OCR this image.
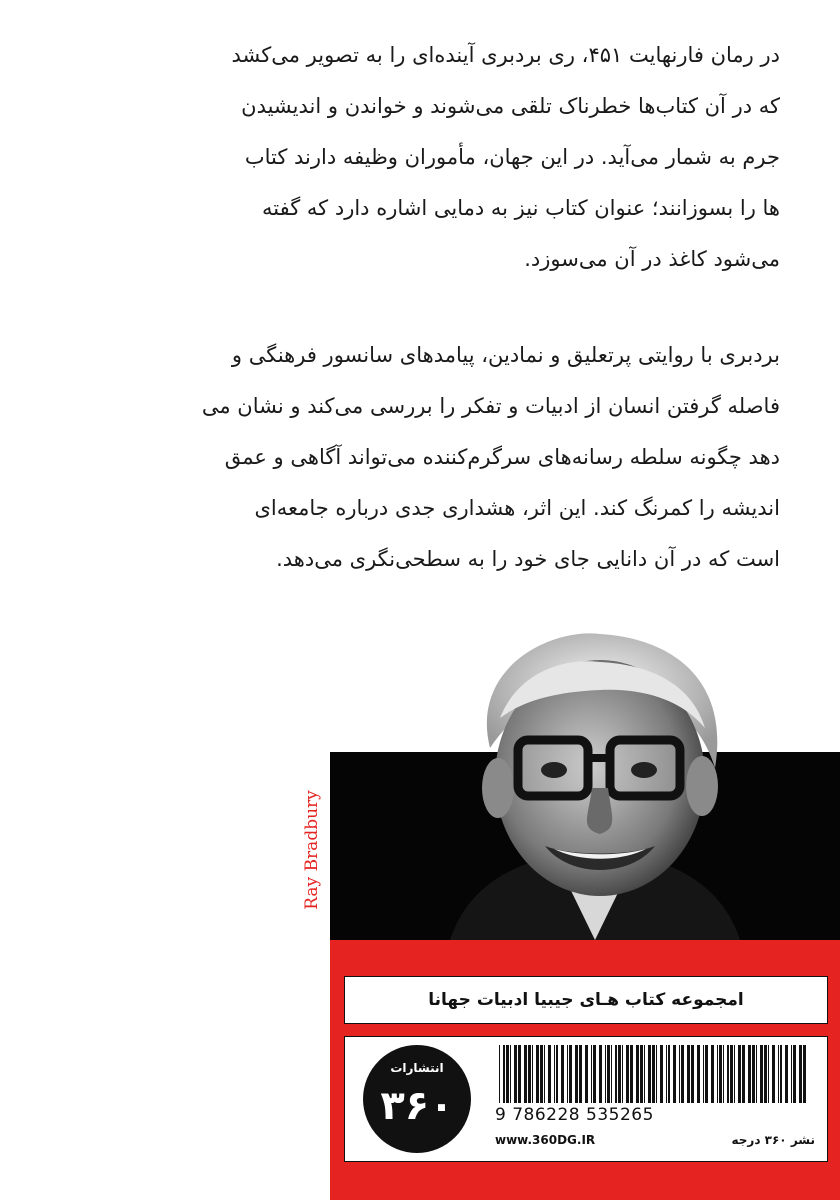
در رمان فارنهایت ۴۵۱، ری بردبری آینده‌ای را به تصویر می‌کشد

که در آن کتاب‌ها خطرناک تلقی می‌شوند و خواندن و اندیشیدن

جرم به شمار می‌آید. در این جهان، مأموران وظیفه دارند کتاب

ها را بسوزانند؛ عنوان کتاب نیز به دمایی اشاره دارد که گفته

می‌شود کاغذ در آن می‌سوزد.

بردبری با روایتی پرتعلیق و نمادین، پیامدهای سانسور فرهنگی و

فاصله گرفتن انسان از ادبیات و تفکر را بررسی می‌کند و نشان می

دهد چگونه سلطه رسانه‌های سرگرم‌کننده می‌تواند آگاهی و عمق

اندیشه را کمرنگ کند. این اثر، هشداری جدی درباره جامعه‌ای

است که در آن دانایی جای خود را به سطحی‌نگری می‌دهد.

Ray Bradbury
امجموعه کتاب هـای جیبیا ادبیات جهانا
انتشارات
۳۶۰	9 786228 535265
www.360DG.IR	نشر ۳۶۰ درجه
